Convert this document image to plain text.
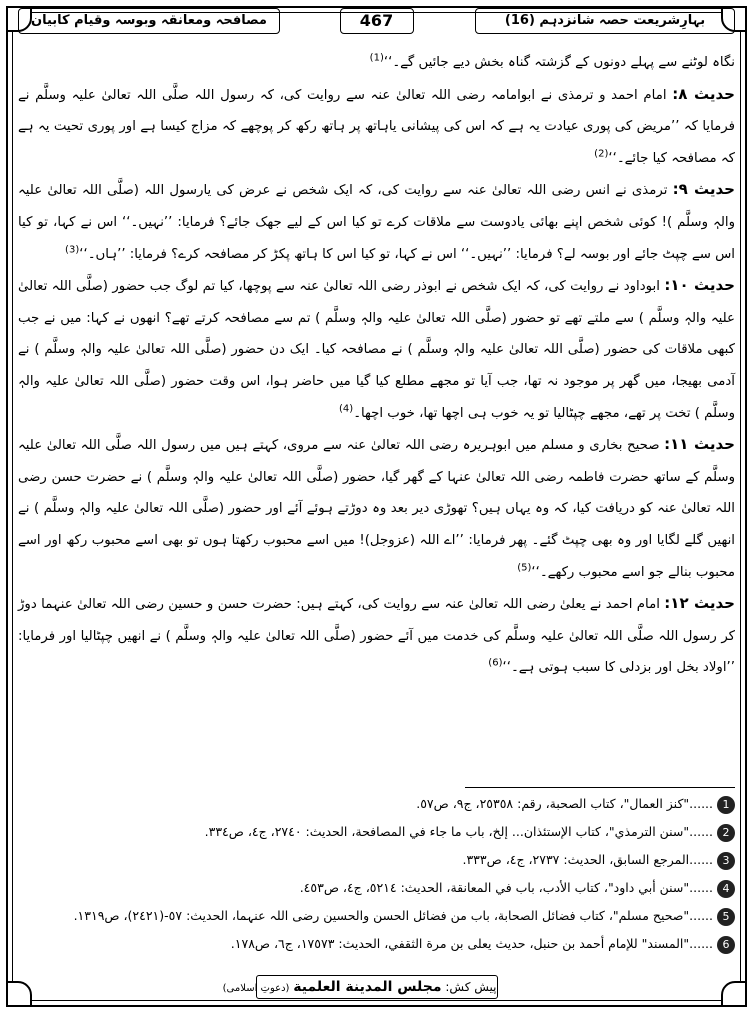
بہارِشریعت حصہ شانزدہم (16)
467
مصافحہ ومعانقہ وبوسہ وقیام کابیان

نگاہ لوٹنے سے پہلے دونوں کے گزشتہ گناہ بخش دیے جائیں گے۔‘‘$^{(1)}$

حدیث ۸: امام احمد و ترمذی نے ابوامامہ رضی اللہ تعالیٰ عنہ سے روایت کی، کہ رسول اللہ صلَّی اللہ تعالیٰ علیہ وسلَّم نے فرمایا کہ ’’مریض کی پوری عیادت یہ ہے کہ اس کی پیشانی یاہاتھ پر ہاتھ رکھ کر پوچھے کہ مزاج کیسا ہے اور پوری تحیت یہ ہے کہ مصافحہ کیا جائے۔‘‘$^{(2)}$

حدیث ۹: ترمذی نے انس رضی اللہ تعالیٰ عنہ سے روایت کی، کہ ایک شخص نے عرض کی یارسول اللہ (صلَّی اللہ تعالیٰ علیہ والہٖ وسلَّم )! کوئی شخص اپنے بھائی یادوست سے ملاقات کرے تو کیا اس کے لیے جھک جائے؟ فرمایا: ’’نہیں۔‘‘ اس نے کہا، تو کیا اس سے چپٹ جائے اور بوسہ لے؟ فرمایا: ’’نہیں۔‘‘ اس نے کہا، تو کیا اس کا ہاتھ پکڑ کر مصافحہ کرے؟ فرمایا: ’’ہاں۔‘‘$^{(3)}$

حدیث ۱۰: ابوداود نے روایت کی، کہ ایک شخص نے ابوذر رضی اللہ تعالیٰ عنہ سے پوچھا، کیا تم لوگ جب حضور (صلَّی اللہ تعالیٰ علیہ والہٖ وسلَّم ) سے ملتے تھے تو حضور (صلَّی اللہ تعالیٰ علیہ والہٖ وسلَّم ) تم سے مصافحہ کرتے تھے؟ انھوں نے کہا: میں نے جب کبھی ملاقات کی حضور (صلَّی اللہ تعالیٰ علیہ والہٖ وسلَّم ) نے مصافحہ کیا۔ ایک دن حضور (صلَّی اللہ تعالیٰ علیہ والہٖ وسلَّم ) نے آدمی بھیجا، میں گھر پر موجود نہ تھا، جب آیا تو مجھے مطلع کیا گیا میں حاضر ہوا، اس وقت حضور (صلَّی اللہ تعالیٰ علیہ والہٖ وسلَّم ) تخت پر تھے، مجھے چپٹالیا تو یہ خوب ہی اچھا تھا، خوب اچھا۔$^{(4)}$

حدیث ۱۱: صحیح بخاری و مسلم میں ابوہریرہ رضی اللہ تعالیٰ عنہ سے مروی، کہتے ہیں میں رسول اللہ صلَّی اللہ تعالیٰ علیہ وسلَّم کے ساتھ حضرت فاطمہ رضی اللہ تعالیٰ عنہا کے گھر گیا، حضور (صلَّی اللہ تعالیٰ علیہ والہٖ وسلَّم ) نے حضرت حسن رضی اللہ تعالیٰ عنہ کو دریافت کیا، کہ وہ یہاں ہیں؟ تھوڑی دیر بعد وہ دوڑتے ہوئے آئے اور حضور (صلَّی اللہ تعالیٰ علیہ والہٖ وسلَّم ) نے انھیں گلے لگایا اور وہ بھی چپٹ گئے۔ پھر فرمایا: ’’اے اللہ (عزوجل)! میں اسے محبوب رکھتا ہوں تو بھی اسے محبوب رکھ اور اسے محبوب بنالے جو اسے محبوب رکھے۔‘‘$^{(5)}$

حدیث ۱۲: امام احمد نے یعلیٰ رضی اللہ تعالیٰ عنہ سے روایت کی، کہتے ہیں: حضرت حسن و حسین رضی اللہ تعالیٰ عنہما دوڑ کر رسول اللہ صلَّی اللہ تعالیٰ علیہ وسلَّم کی خدمت میں آئے حضور (صلَّی اللہ تعالیٰ علیہ والہٖ وسلَّم ) نے انھیں چپٹالیا اور فرمایا: ’’اولاد بخل اور بزدلی کا سبب ہوتی ہے۔‘‘$^{(6)}$

1......"كنز العمال"، كتاب الصحبة، رقم: ٢٥٣٥٨، ج٩، ص٥٧.
2......"سنن الترمذي"، كتاب الإستئذان... إلخ، باب ما جاء في المصافحة، الحديث: ٢٧٤٠، ج٤، ص٣٣٤.
3......المرجع السابق، الحديث: ٢٧٣٧، ج٤، ص٣٣٣.
4......"سنن أبي داود"، كتاب الأدب، باب في المعانقة، الحديث: ٥٢١٤، ج٤، ص٤٥٣.
5......"صحيح مسلم"، كتاب فضائل الصحابة، باب من فضائل الحسن والحسين رضی اللہ عنہما، الحديث: ٥٧-(٢٤٢١)، ص١٣١٩.
6......"المسند" للإمام أحمد بن حنبل، حديث يعلى بن مرة الثقفي، الحديث: ١٧٥٧٣، ج٦، ص١٧٨.
پیش کش: مجلس المدينة العلمية (دعوتِ اسلامی)
